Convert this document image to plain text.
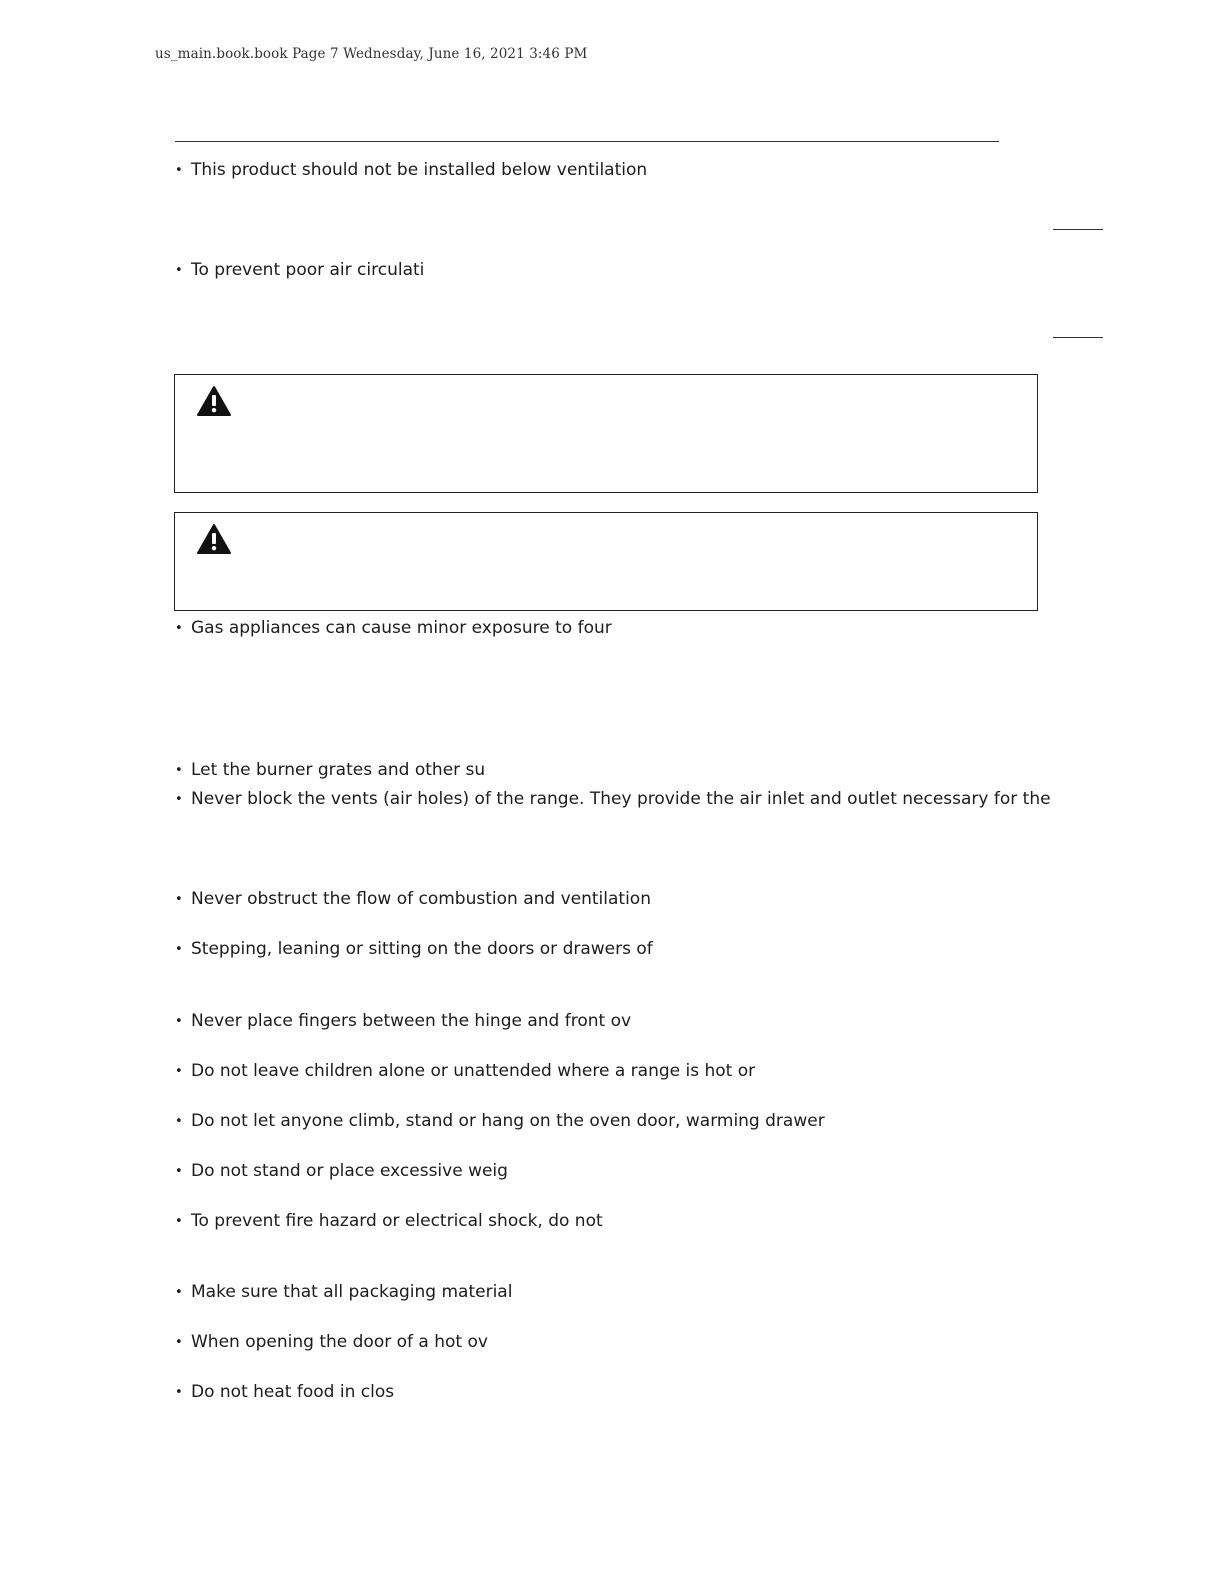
us_main.book.book Page 7 Wednesday, June 16, 2021 3:46 PM
• This product should not be installed below ventilation
• To prevent poor air circulati
• Gas appliances can cause minor exposure to four
• Let the burner grates and other su
• Never block the vents (air holes) of the range. They provide the air inlet and outlet necessary for the
• Never obstruct the flow of combustion and ventilation
• Stepping, leaning or sitting on the doors or drawers of
• Never place fingers between the hinge and front ov
• Do not leave children alone or unattended where a range is hot or
• Do not let anyone climb, stand or hang on the oven door, warming drawer
• Do not stand or place excessive weig
• To prevent fire hazard or electrical shock, do not
• Make sure that all packaging material
• When opening the door of a hot ov
• Do not heat food in clos
